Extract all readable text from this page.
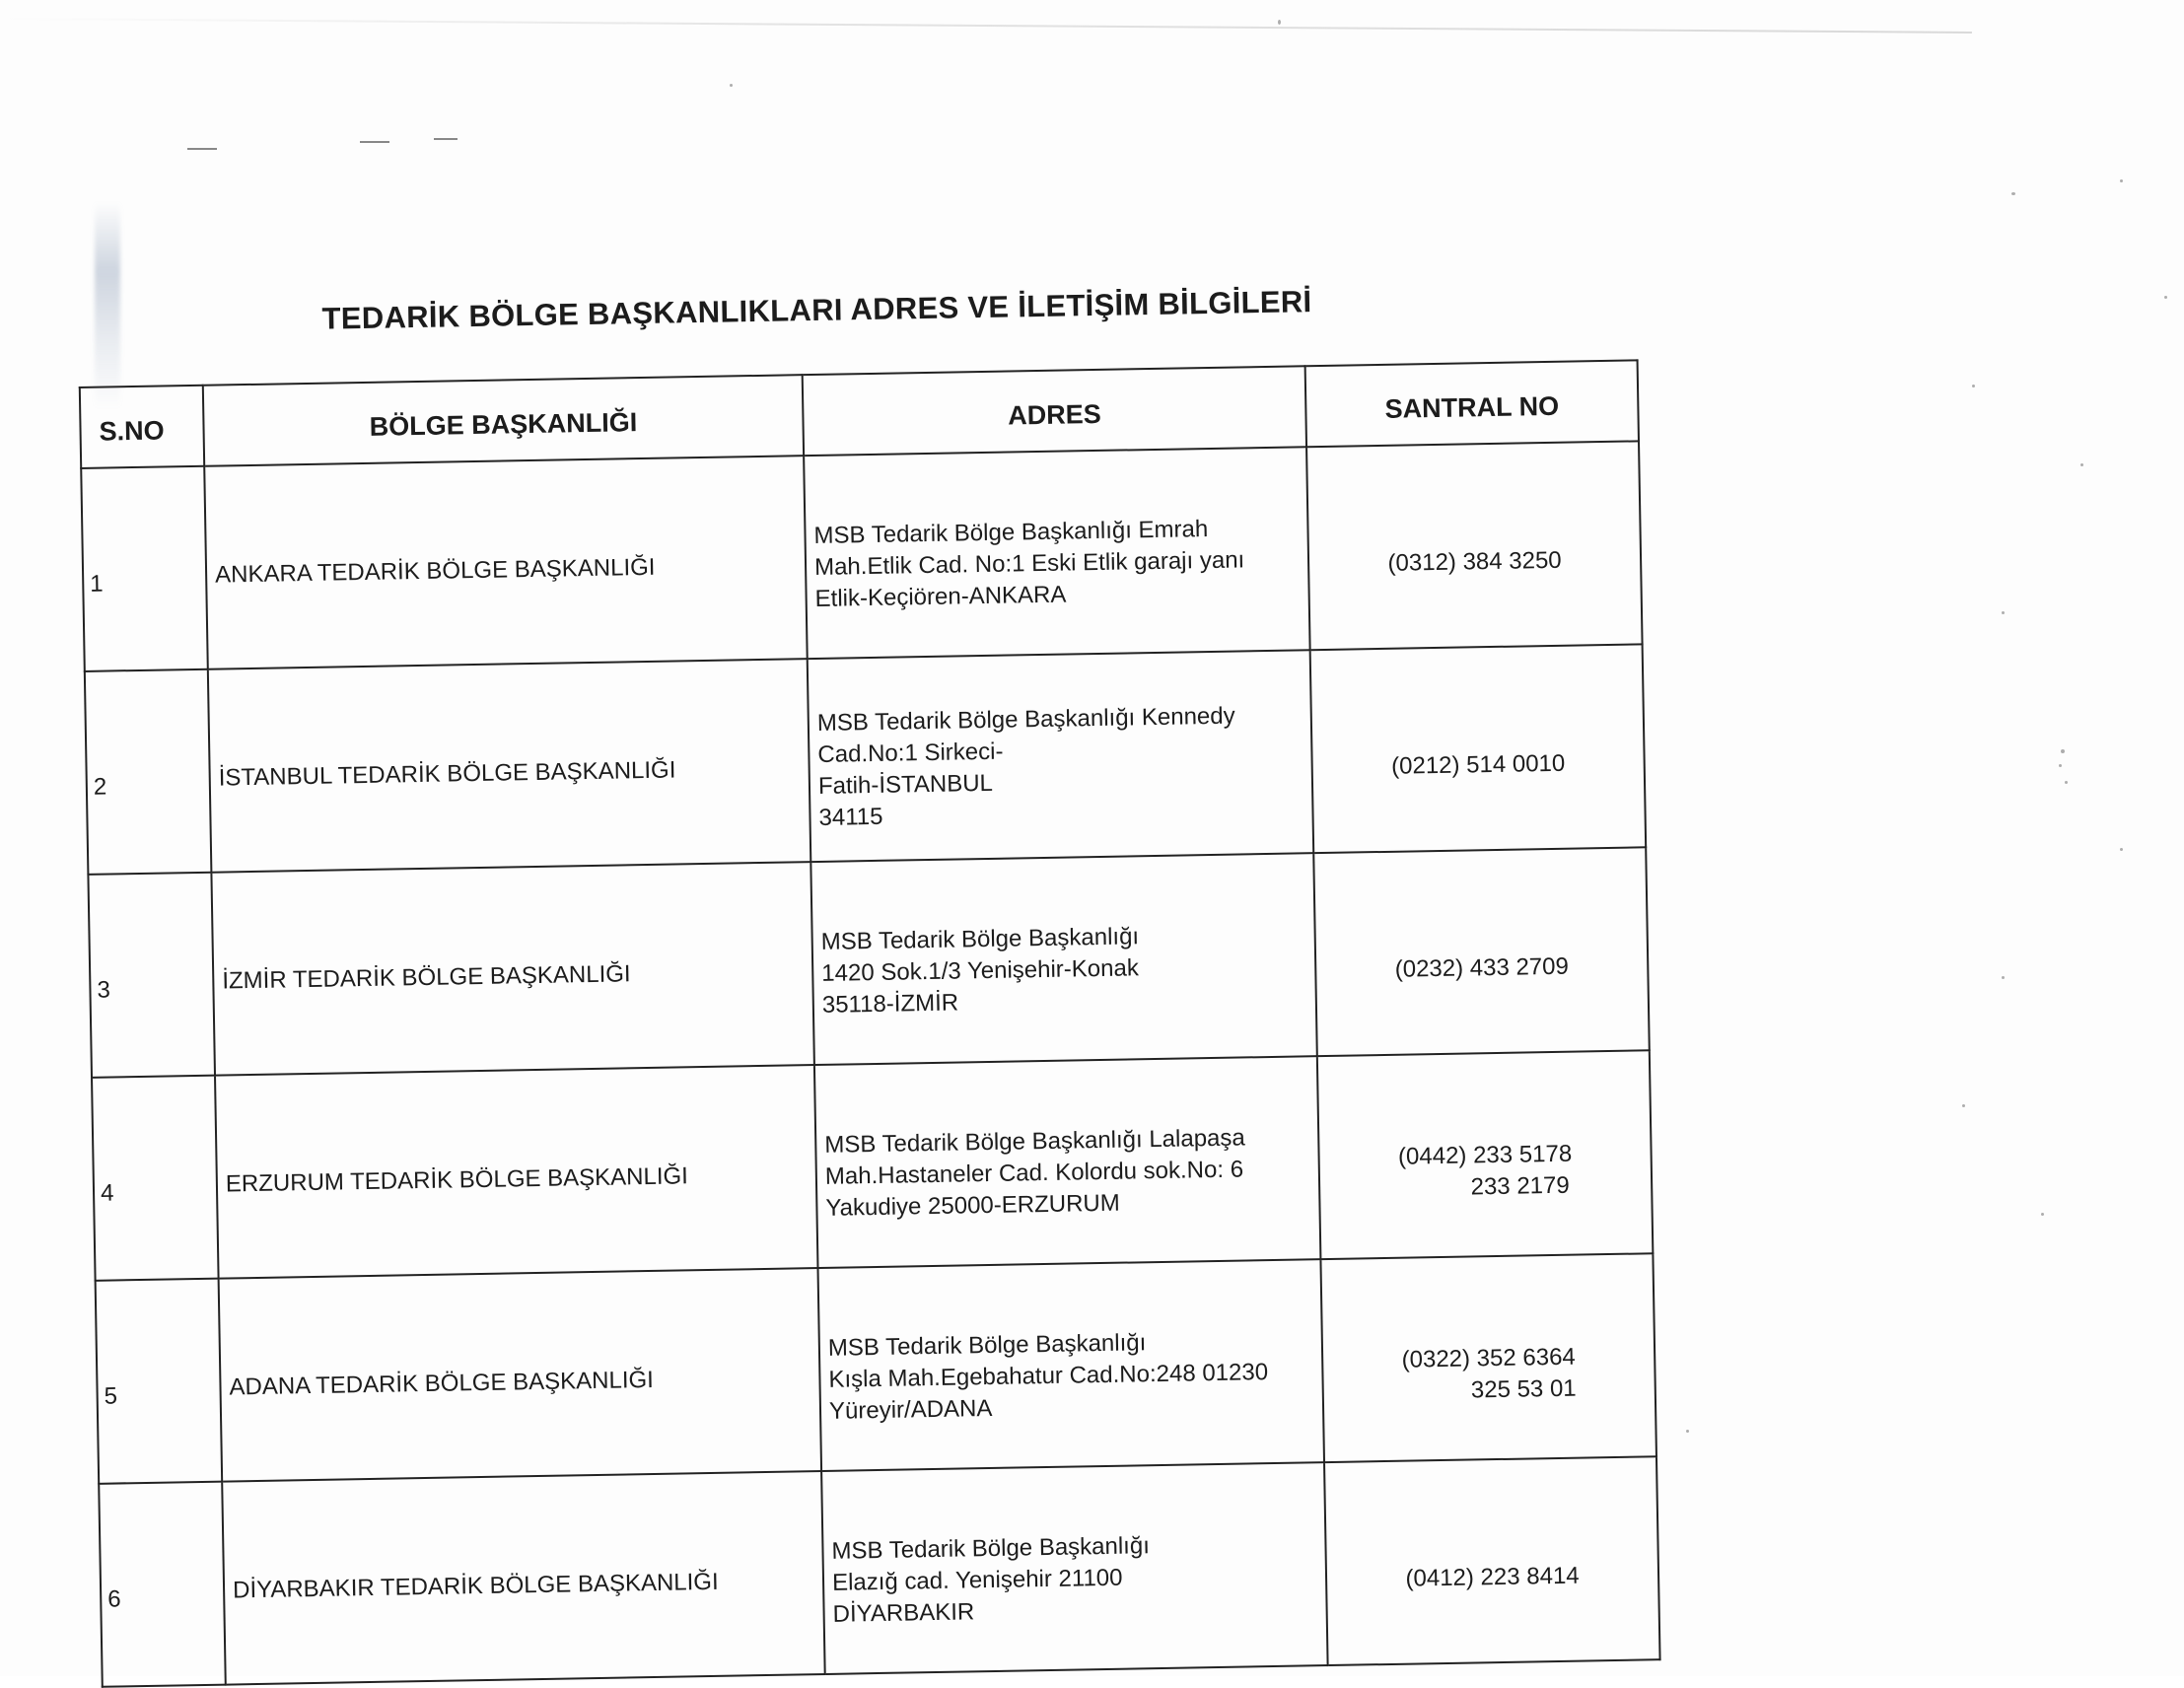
TEDARİK BÖLGE BAŞKANLIKLARI ADRES VE İLETİŞİM BİLGİLERİ
S.NO	BÖLGE BAŞKANLIĞI	ADRES	SANTRAL NO
1	ANKARA TEDARİK BÖLGE BAŞKANLIĞI	MSB Tedarik Bölge Başkanlığı Emrah
Mah.Etlik Cad. No:1 Eski Etlik garajı yanı
Etlik-Keçiören-ANKARA	(0312) 384 3250

2	İSTANBUL TEDARİK BÖLGE BAŞKANLIĞI	MSB Tedarik Bölge Başkanlığı Kennedy
Cad.No:1 Sirkeci-
Fatih-İSTANBUL
34115	(0212) 514 0010

3	İZMİR TEDARİK BÖLGE BAŞKANLIĞI	MSB Tedarik Bölge Başkanlığı
1420 Sok.1/3 Yenişehir-Konak
35118-İZMİR	(0232) 433 2709

4	ERZURUM TEDARİK BÖLGE BAŞKANLIĞI	MSB Tedarik Bölge Başkanlığı Lalapaşa
Mah.Hastaneler Cad. Kolordu sok.No: 6
Yakudiye 25000-ERZURUM	(0442) 233 5178
233 2179

5	ADANA TEDARİK BÖLGE BAŞKANLIĞI	MSB Tedarik Bölge Başkanlığı
Kışla Mah.Egebahatur Cad.No:248 01230
Yüreyir/ADANA	(0322) 352 6364
325 53 01

6	DİYARBAKIR TEDARİK BÖLGE BAŞKANLIĞI	MSB Tedarik Bölge Başkanlığı
Elazığ cad. Yenişehir 21100
DİYARBAKIR	(0412) 223 8414
